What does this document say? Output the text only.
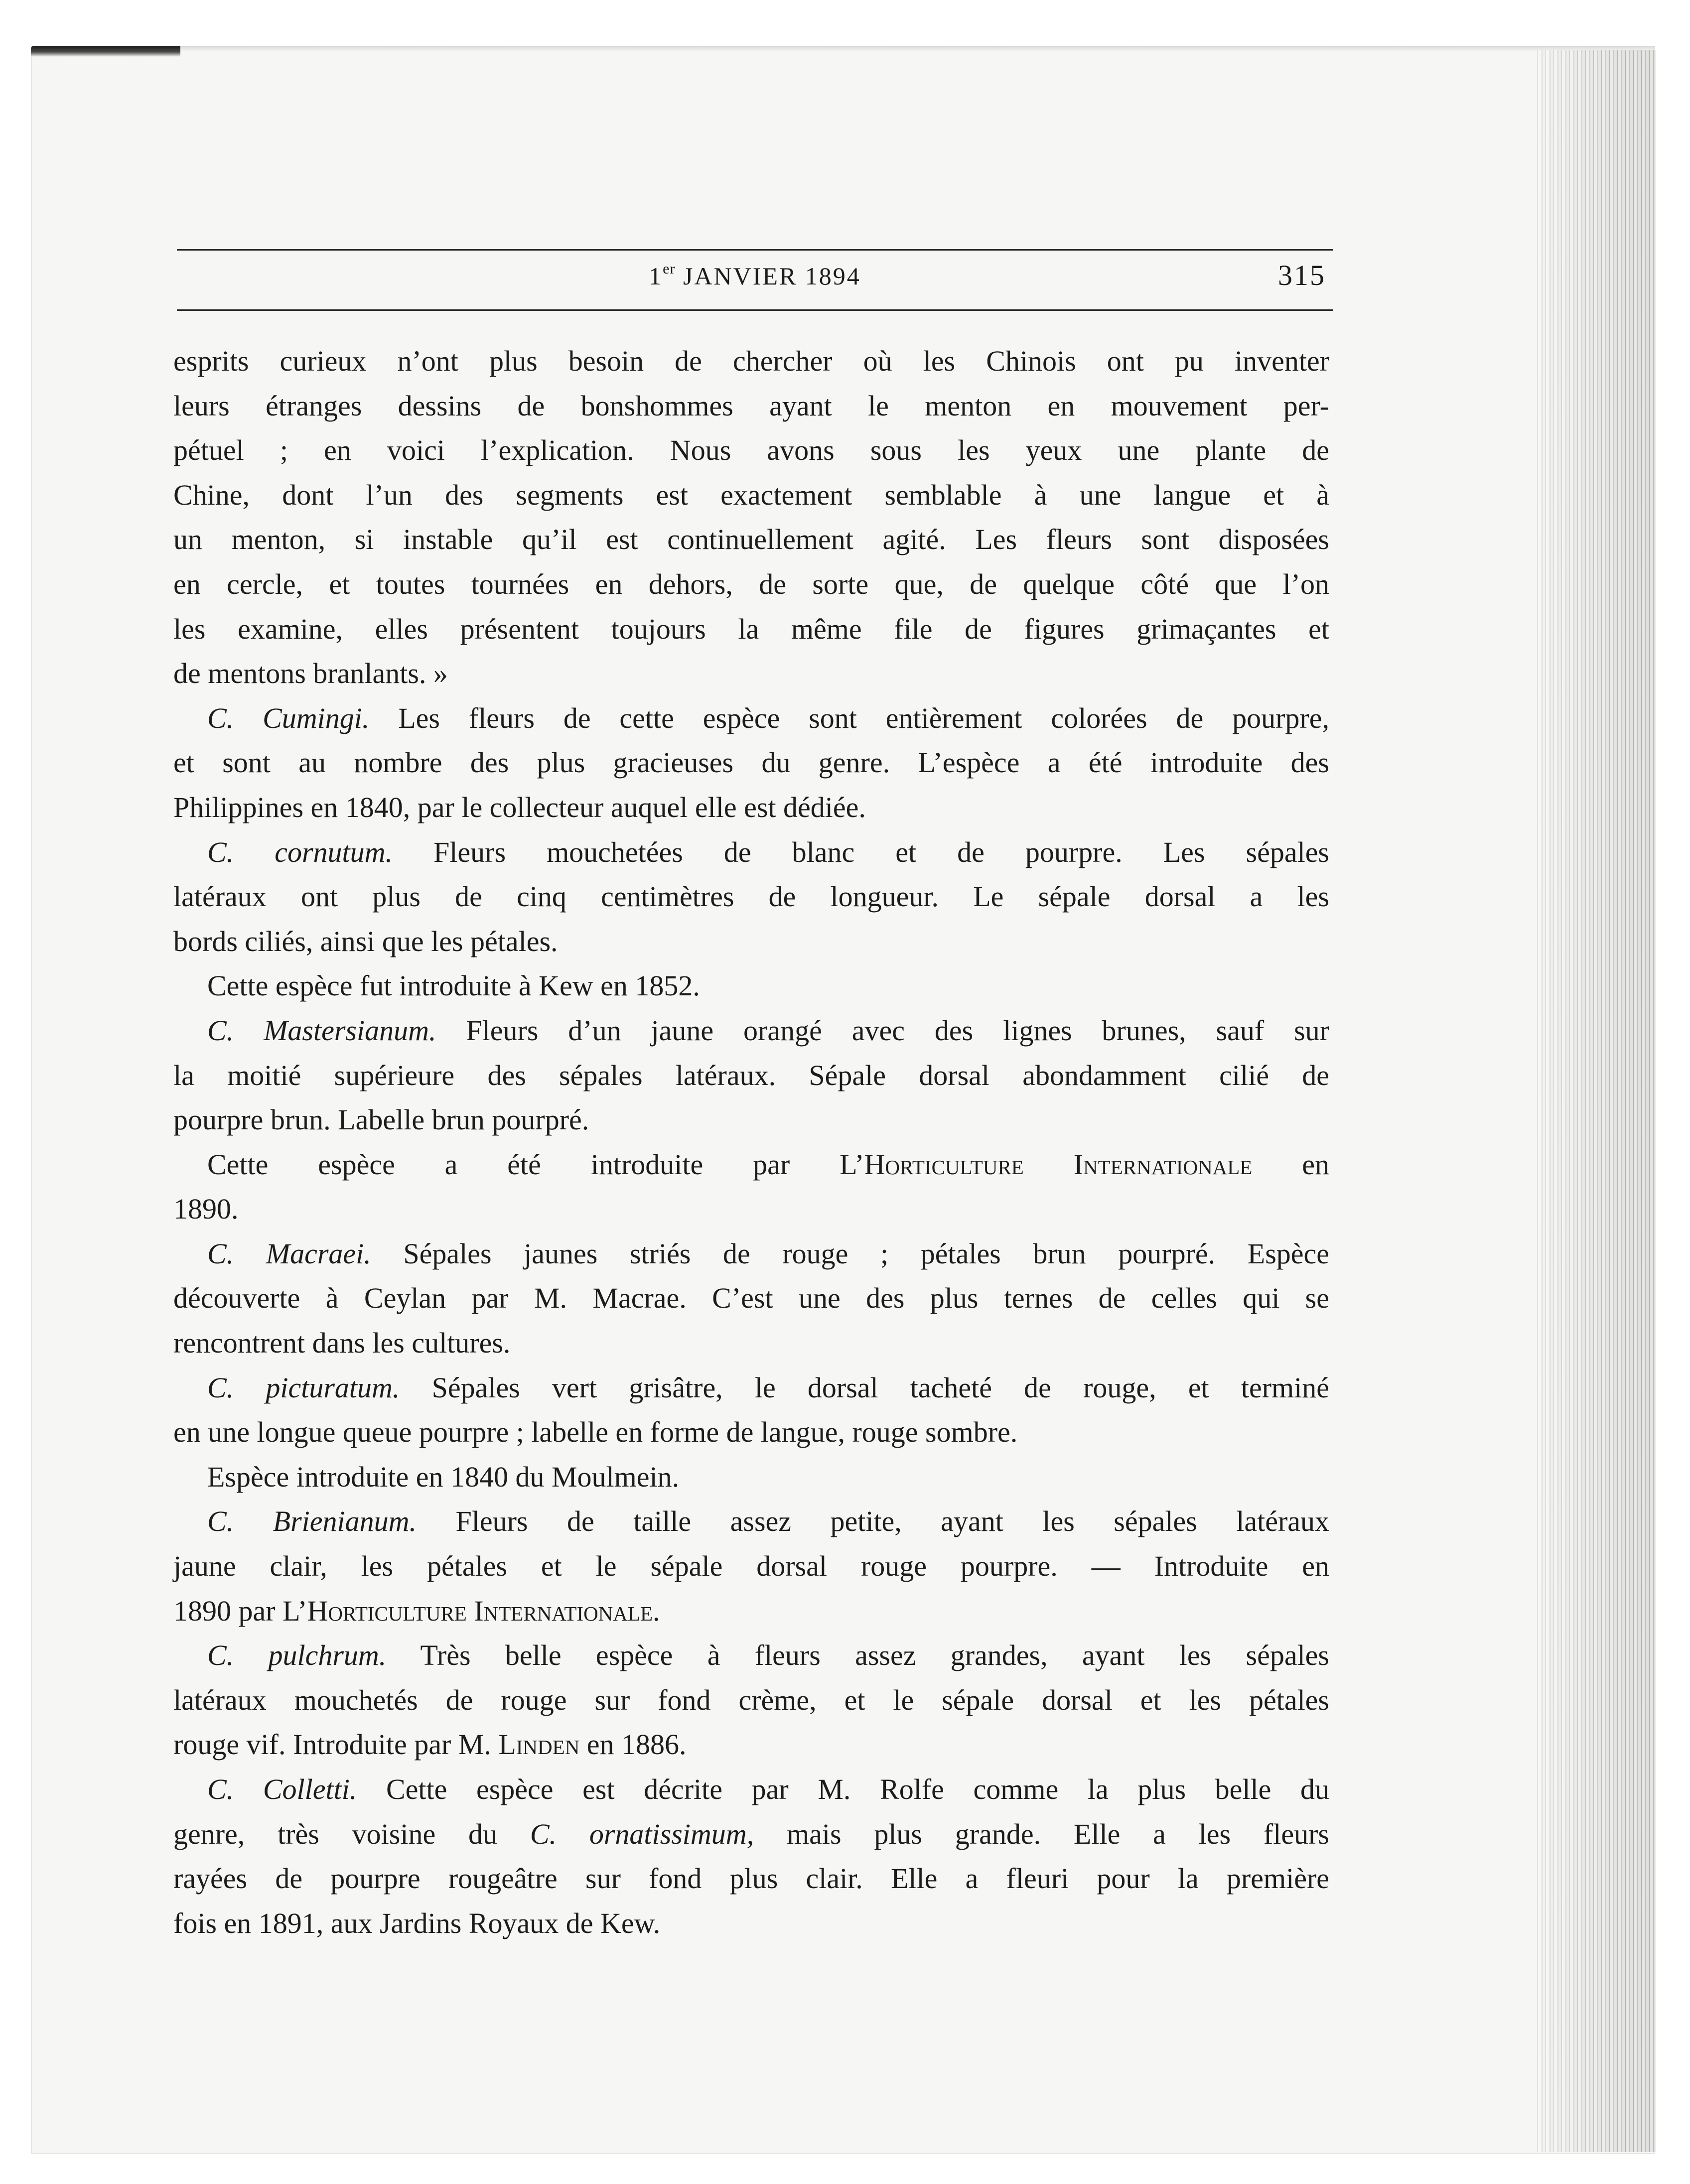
1er JANVIER 1894	315
esprits curieux n’ont plus besoin de chercher où les Chinois ont pu inventer
leurs étranges dessins de bonshommes ayant le menton en mouvement per-
pétuel ; en voici l’explication. Nous avons sous les yeux une plante de
Chine, dont l’un des segments est exactement semblable à une langue et à
un menton, si instable qu’il est continuellement agité. Les fleurs sont disposées
en cercle, et toutes tournées en dehors, de sorte que, de quelque côté que l’on
les examine, elles présentent toujours la même file de figures grimaçantes et
de mentons branlants. »
C. Cumingi. Les fleurs de cette espèce sont entièrement colorées de pourpre,
et sont au nombre des plus gracieuses du genre. L’espèce a été introduite des
Philippines en 1840, par le collecteur auquel elle est dédiée.
C. cornutum. Fleurs mouchetées de blanc et de pourpre. Les sépales
latéraux ont plus de cinq centimètres de longueur. Le sépale dorsal a les
bords ciliés, ainsi que les pétales.
Cette espèce fut introduite à Kew en 1852.
C. Mastersianum. Fleurs d’un jaune orangé avec des lignes brunes, sauf sur
la moitié supérieure des sépales latéraux. Sépale dorsal abondamment cilié de
pourpre brun. Labelle brun pourpré.
Cette espèce a été introduite par L’Horticulture Internationale en
1890.
C. Macraei. Sépales jaunes striés de rouge ; pétales brun pourpré. Espèce
découverte à Ceylan par M. Macrae. C’est une des plus ternes de celles qui se
rencontrent dans les cultures.
C. picturatum. Sépales vert grisâtre, le dorsal tacheté de rouge, et terminé
en une longue queue pourpre ; labelle en forme de langue, rouge sombre.
Espèce introduite en 1840 du Moulmein.
C. Brienianum. Fleurs de taille assez petite, ayant les sépales latéraux
jaune clair, les pétales et le sépale dorsal rouge pourpre. — Introduite en
1890 par L’Horticulture Internationale.
C. pulchrum. Très belle espèce à fleurs assez grandes, ayant les sépales
latéraux mouchetés de rouge sur fond crème, et le sépale dorsal et les pétales
rouge vif. Introduite par M. Linden en 1886.
C. Colletti. Cette espèce est décrite par M. Rolfe comme la plus belle du
genre, très voisine du C. ornatissimum, mais plus grande. Elle a les fleurs
rayées de pourpre rougeâtre sur fond plus clair. Elle a fleuri pour la première
fois en 1891, aux Jardins Royaux de Kew.
